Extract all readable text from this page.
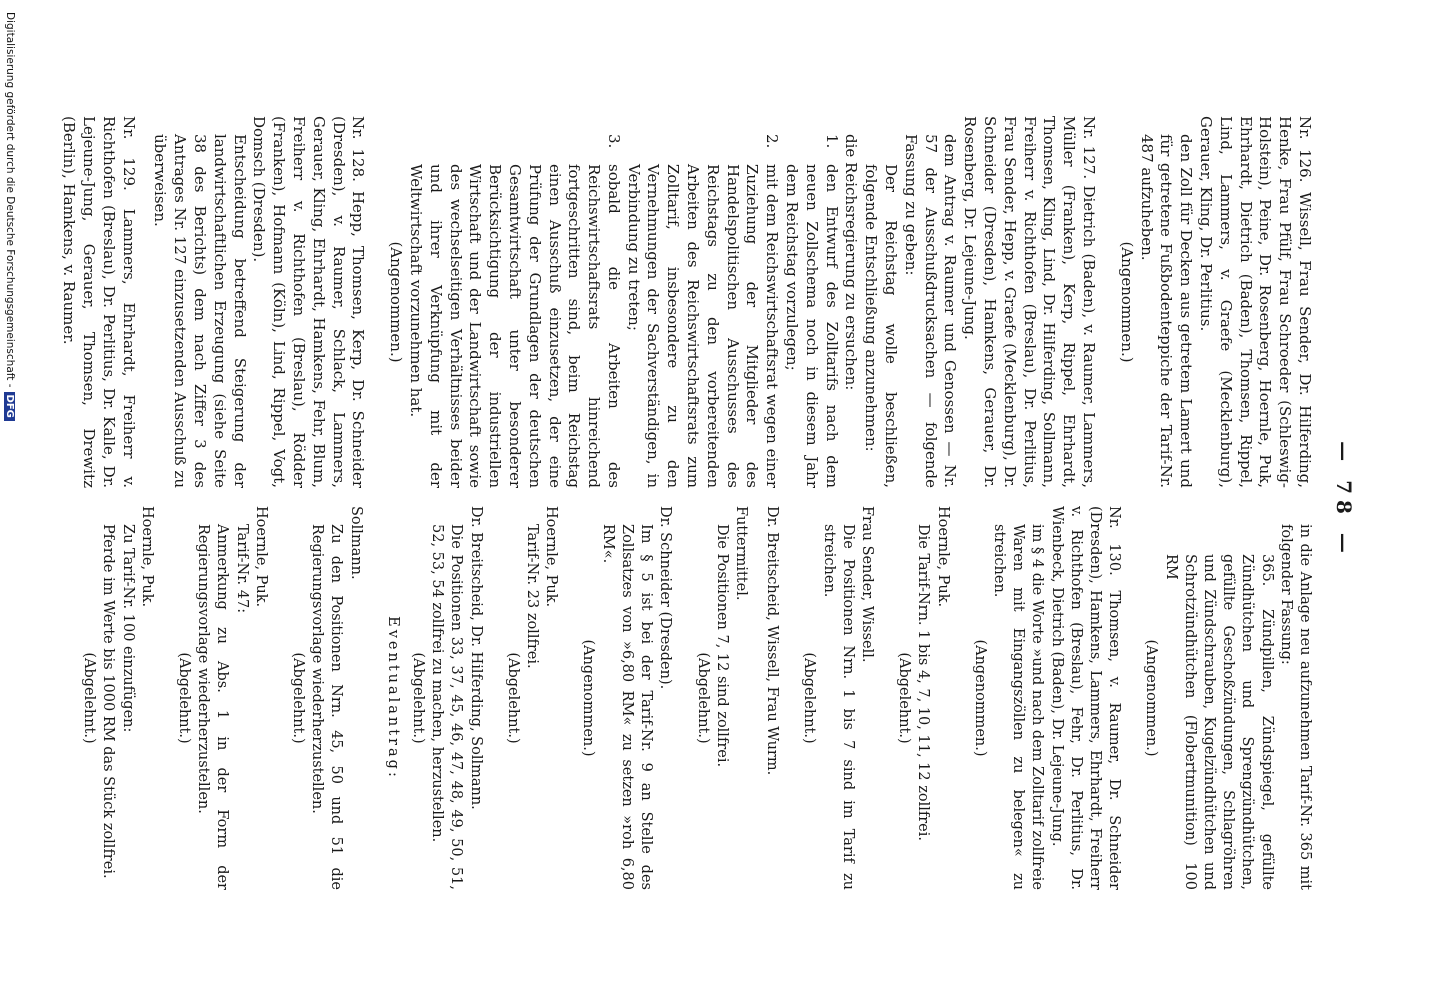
— 78 —

Nr. 126. Wissell, Frau Sender, Dr. Hilferding, Henke, Frau Pfülf, Frau Schroeder (Schleswig-Holstein), Peine, Dr. Rosenberg, Hoernle, Puk, Ehrhardt, Dietrich (Baden), Thomsen, Rippel, Lind, Lammers, v. Graefe (Mecklenburg), Gerauer, Kling, Dr. Perlitius.

den Zoll für Decken aus getretem Lamert und für getretene Fußbodenteppiche der Tarif-Nr. 487 aufzuheben.

(Angenommen.)

Nr. 127. Dietrich (Baden), v. Raumer, Lammers, Müller (Franken), Kerp, Rippel, Ehrhardt, Thomsen, Kling, Lind, Dr. Hilferding, Sollmann, Freiherr v. Richthofen (Breslau), Dr. Perlitius, Frau Sender, Hepp, v. Graefe (Mecklenburg), Dr. Schneider (Dresden), Hamkens, Gerauer, Dr. Rosenberg, Dr. Lejeune-Jung.

dem Antrag v. Raumer und Genossen — Nr. 57 der Ausschußdrucksachen — folgende Fassung zu geben:

Der Reichstag wolle beschließen, folgende Entschließung anzunehmen:

die Reichsregierung zu ersuchen:

1.
den Entwurf des Zolltarifs nach dem neuen Zollschema noch in diesem Jahr dem Reichstag vorzulegen;
2.
mit dem Reichswirtschaftsrat wegen einer Zuziehung der Mitglieder des Handelspolitischen Ausschusses des Reichstags zu den vorbereitenden Arbeiten des Reichswirtschaftsrats zum Zolltarif, insbesondere zu den Vernehmungen der Sachverständigen, in Verbindung zu treten;
3.
sobald die Arbeiten des Reichswirtschaftsrats hinreichend fortgeschritten sind, beim Reichstag einen Ausschuß einzusetzen, der eine Prüfung der Grundlagen der deutschen Gesamtwirtschaft unter besonderer Berücksichtigung der industriellen Wirtschaft und der Landwirtschaft sowie des wechselseitigen Verhältnisses beider und ihrer Verknüpfung mit der Weltwirtschaft vorzunehmen hat.

(Angenommen.)

Nr. 128. Hepp, Thomsen, Kerp, Dr. Schneider (Dresden), v. Raumer, Schlack, Lammers, Gerauer, Kling, Ehrhardt, Hamkens, Fehr, Blum, Freiherr v. Richthofen (Breslau), Rödder (Franken), Hofmann (Köln), Lind, Rippel, Vogt, Domsch (Dresden).

Entscheidung betreffend Steigerung der landwirtschaftlichen Erzeugung (siehe Seite 38 des Berichts) dem nach Ziffer 3 des Antrages Nr. 127 einzusetzenden Ausschuß zu überweisen.

Nr. 129. Lammers, Ehrhardt, Freiherr v. Richthofen (Breslau), Dr. Perlitius, Dr. Kalle, Dr. Lejeune-Jung, Gerauer, Thomsen, Drewitz (Berlin), Hamkens, v. Raumer.

in die Anlage neu aufzunehmen Tarif-Nr. 365 mit folgender Fassung:

365. Zündpillen, Zündspiegel, gefüllte Zündhütchen und Sprengzündhütchen, gefüllte Geschoßzündungen, Schlagröhren und Zündschrauben, Kugelzündhütchen und Schrotzündhütchen (Flobertmunition) 100 RM

(Angenommen.)

Nr. 130. Thomsen, v. Raumer, Dr. Schneider (Dresden), Hamkens, Lammers, Ehrhardt, Freiherr v. Richthofen (Breslau), Fehr, Dr. Perlitius, Dr. Wienbeck, Dietrich (Baden), Dr. Lejeune-Jung.

im § 4 die Worte »und nach dem Zolltarif zollfreie Waren mit Eingangszöllen zu belegen« zu streichen.

(Angenommen.)

Hoernle, Puk.

Die Tarif-Nrn. 1 bis 4, 7, 10, 11, 12 zollfrei.

(Abgelehnt.)

Frau Sender, Wissell.

Die Positionen Nrn. 1 bis 7 sind im Tarif zu streichen.

(Abgelehnt.)

Dr. Breitscheid, Wissell, Frau Wurm.

Futtermittel.

Die Positionen 7, 12 sind zollfrei.

(Abgelehnt.)

Dr. Schneider (Dresden).

Im § 5 ist bei der Tarif-Nr. 9 an Stelle des Zollsatzes von »6,80 RM« zu setzen »roh 6,80 RM«.

(Angenommen.)

Hoernle, Puk.

Tarif-Nr. 23 zollfrei.

(Abgelehnt.)

Dr. Breitscheid, Dr. Hilferding, Sollmann.

Die Positionen 33, 37, 45, 46, 47, 48, 49, 50, 51, 52, 53, 54 zollfrei zu machen, herzustellen.

(Abgelehnt.)

Eventualantrag:

Sollmann.

Zu den Positionen Nrn. 45, 50 und 51 die Regierungsvorlage wiederherzustellen.

(Abgelehnt.)

Hoernle, Puk.

Tarif-Nr. 47:

Anmerkung zu Abs. 1 in der Form der Regierungsvorlage wiederherzustellen.

(Abgelehnt.)

Hoernle, Puk.

Zu Tarif-Nr. 100 einzufügen:

Pferde im Werte bis 1000 RM das Stück zollfrei.

(Abgelehnt.)

Digitalisierung gefördert durch die Deutsche Forschungsgemeinschaft -DFG
